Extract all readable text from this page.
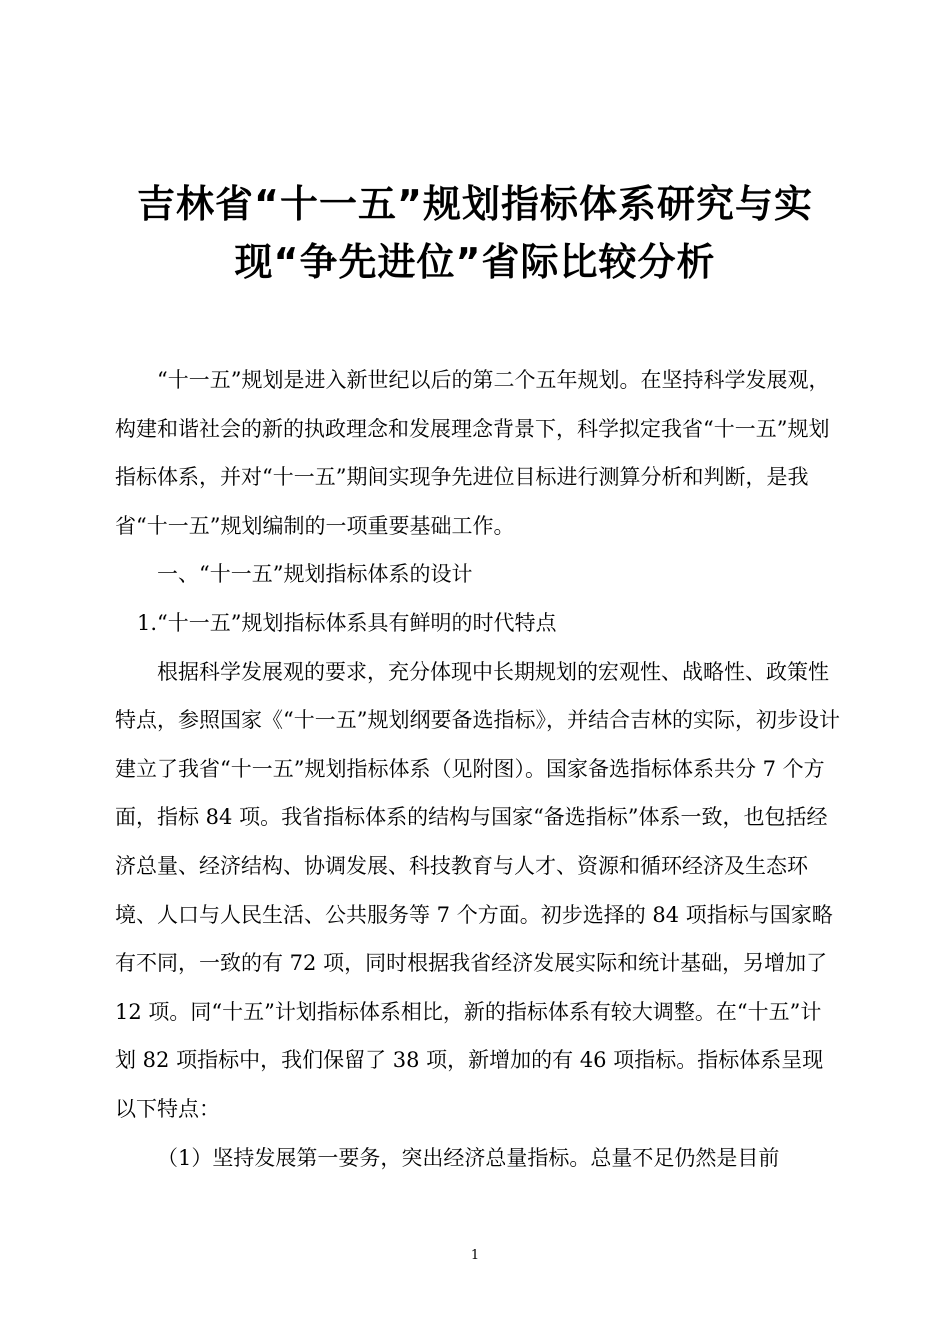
吉林省“十一五”规划指标体系研究与实
现“争先进位”省际比较分析

“十一五”规划是进入新世纪以后的第二个五年规划。在坚持科学发展观，构建和谐社会的新的执政理念和发展理念背景下，科学拟定我省“十一五”规划指标体系，并对“十一五”期间实现争先进位目标进行测算分析和判断，是我省“十一五”规划编制的一项重要基础工作。

一、“十一五”规划指标体系的设计

1.“十一五”规划指标体系具有鲜明的时代特点

根据科学发展观的要求，充分体现中长期规划的宏观性、战略性、政策性特点，参照国家《“十一五”规划纲要备选指标》，并结合吉林的实际，初步设计建立了我省“十一五”规划指标体系（见附图）。国家备选指标体系共分 7 个方面，指标 84 项。我省指标体系的结构与国家“备选指标”体系一致，也包括经济总量、经济结构、协调发展、科技教育与人才、资源和循环经济及生态环境、人口与人民生活、公共服务等 7 个方面。初步选择的 84 项指标与国家略有不同，一致的有 72 项，同时根据我省经济发展实际和统计基础，另增加了 12 项。同“十五”计划指标体系相比，新的指标体系有较大调整。在“十五”计划 82 项指标中，我们保留了 38 项，新增加的有 46 项指标。指标体系呈现以下特点：

（1）坚持发展第一要务，突出经济总量指标。总量不足仍然是目前

1
